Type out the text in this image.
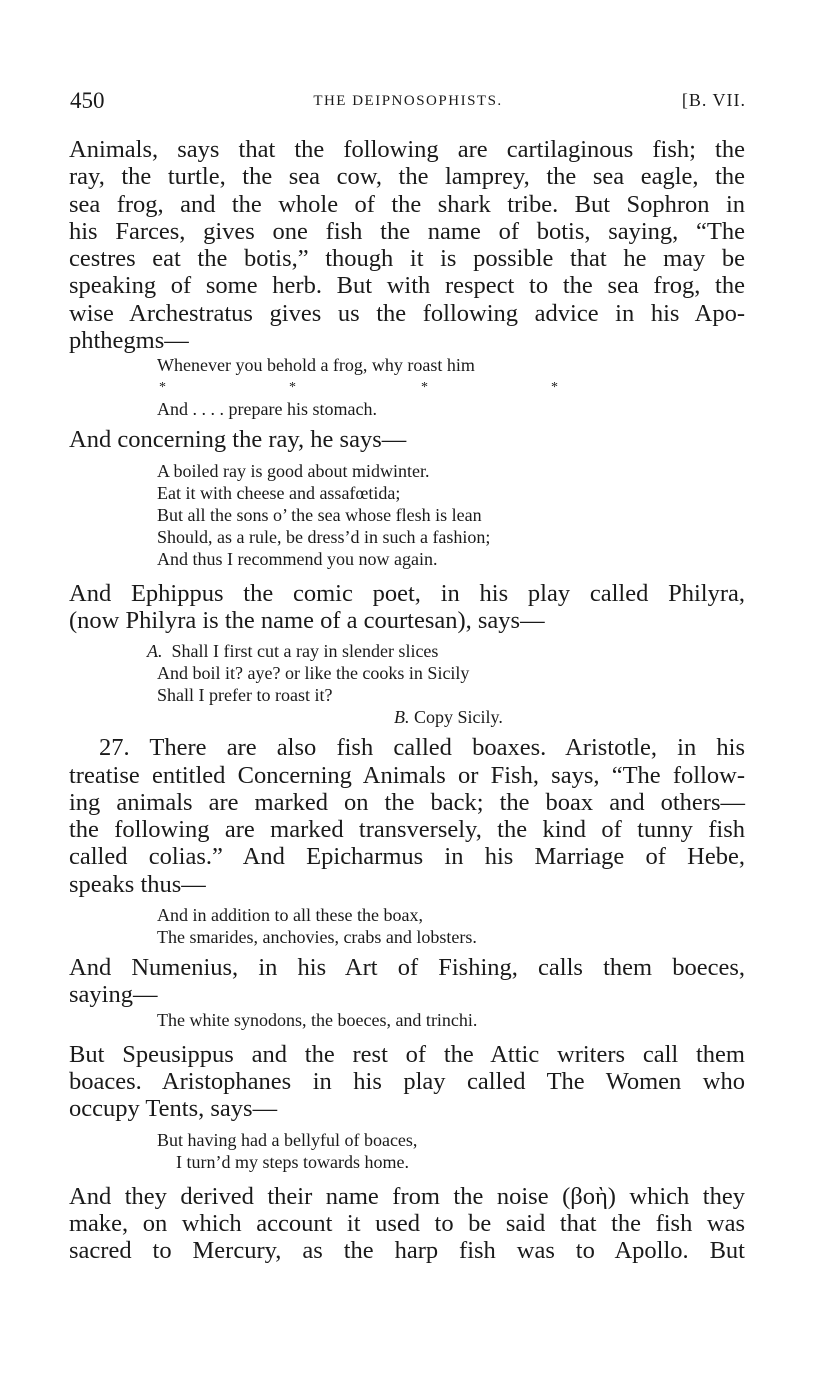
450	THE DEIPNOSOPHISTS.	[B. VII.
Animals, says that the following are cartilaginous fish; the
ray, the turtle, the sea cow, the lamprey, the sea eagle, the
sea frog, and the whole of the shark tribe. But Sophron in
his Farces, gives one fish the name of botis, saying, “The
cestres eat the botis,” though it is possible that he may be
speaking of some herb. But with respect to the sea frog, the
wise Archestratus gives us the following advice in his Apo-
phthegms—
Whenever you behold a frog, why roast him
*	*	*	*
And . . . . prepare his stomach.
And concerning the ray, he says—
A boiled ray is good about midwinter.
Eat it with cheese and assafœtida;
But all the sons o’ the sea whose flesh is lean
Should, as a rule, be dress’d in such a fashion;
And thus I recommend you now again.
And Ephippus the comic poet, in his play called Philyra,
(now Philyra is the name of a courtesan), says—
A. Shall I first cut a ray in slender slices
And boil it? aye? or like the cooks in Sicily
Shall I prefer to roast it?
B. Copy Sicily.
27. There are also fish called boaxes. Aristotle, in his
treatise entitled Concerning Animals or Fish, says, “The follow-
ing animals are marked on the back; the boax and others—
the following are marked transversely, the kind of tunny fish
called colias.” And Epicharmus in his Marriage of Hebe,
speaks thus—
And in addition to all these the boax,
The smarides, anchovies, crabs and lobsters.
And Numenius, in his Art of Fishing, calls them boeces,
saying—
The white synodons, the boeces, and trinchi.
But Speusippus and the rest of the Attic writers call them
boaces. Aristophanes in his play called The Women who
occupy Tents, says—
But having had a bellyful of boaces,
I turn’d my steps towards home.
And they derived their name from the noise (βοὴ) which they
make, on which account it used to be said that the fish was
sacred to Mercury, as the harp fish was to Apollo. But
